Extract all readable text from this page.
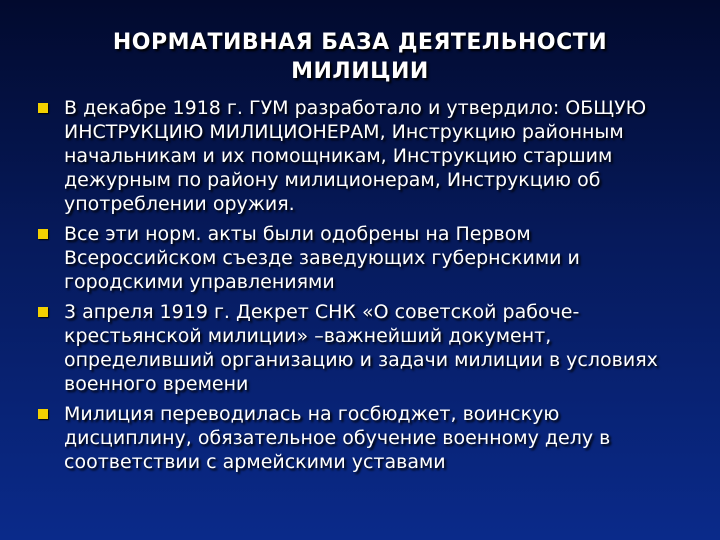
НОРМАТИВНАЯ БАЗА ДЕЯТЕЛЬНОСТИ МИЛИЦИИ
В декабре 1918 г. ГУМ разработало и утвердило: ОБЩУЮ ИНСТРУКЦИЮ МИЛИЦИОНЕРАМ, Инструкцию районным начальникам и их помощникам, Инструкцию старшим дежурным по району милиционерам, Инструкцию об употреблении оружия.
Все эти норм. акты были одобрены на Первом Всероссийском съезде заведующих губернскими и городскими управлениями
3 апреля 1919 г. Декрет СНК «О советской рабоче-крестьянской милиции» –важнейший документ, определивший организацию и задачи милиции в условиях военного времени
Милиция переводилась на госбюджет, воинскую дисциплину, обязательное обучение военному делу в соответствии с армейскими уставами
